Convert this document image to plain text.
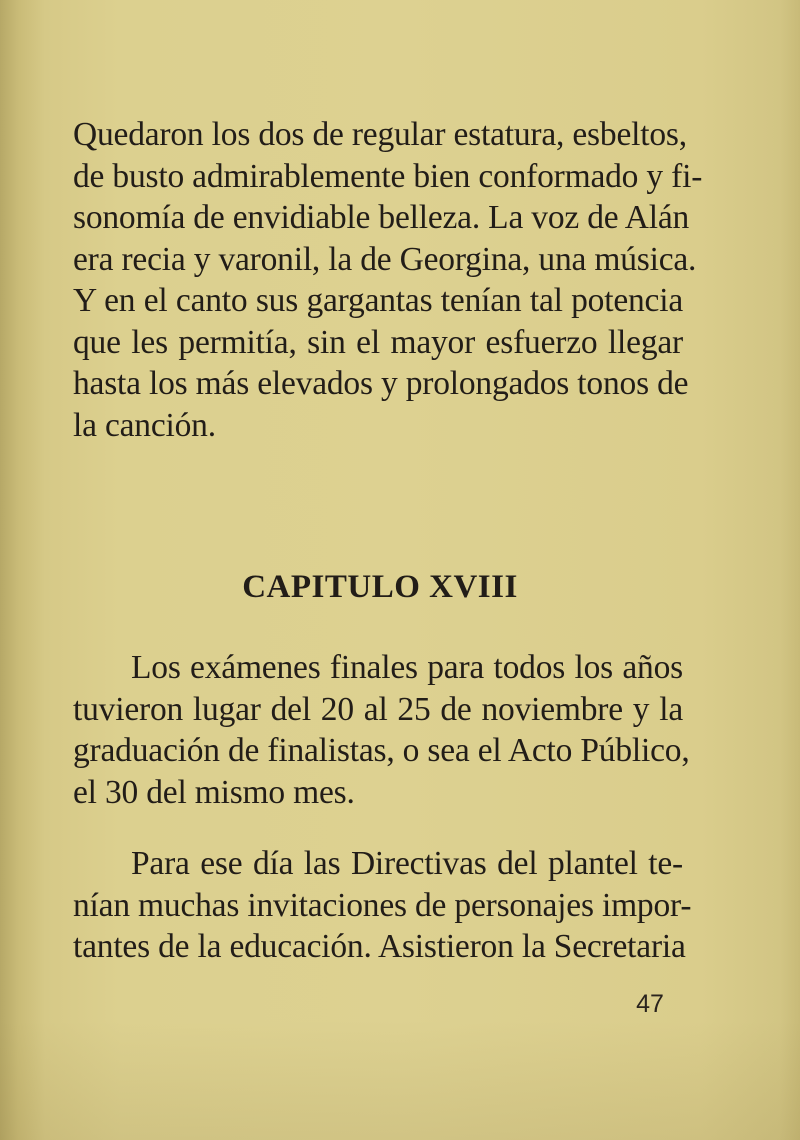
Quedaron los dos de regular estatura, esbeltos,
de busto admirablemente bien conformado y fi-
sonomía de envidiable belleza. La voz de Alán
era recia y varonil, la de Georgina, una música.
Y en el canto sus gargantas tenían tal potencia
que les permitía, sin el mayor esfuerzo llegar
hasta los más elevados y prolongados tonos de
la canción.
CAPITULO XVIII
Los exámenes finales para todos los años
tuvieron lugar del 20 al 25 de noviembre y la
graduación de finalistas, o sea el Acto Público,
el 30 del mismo mes.
Para ese día las Directivas del plantel te-
nían muchas invitaciones de personajes impor-
tantes de la educación. Asistieron la Secretaria
47
